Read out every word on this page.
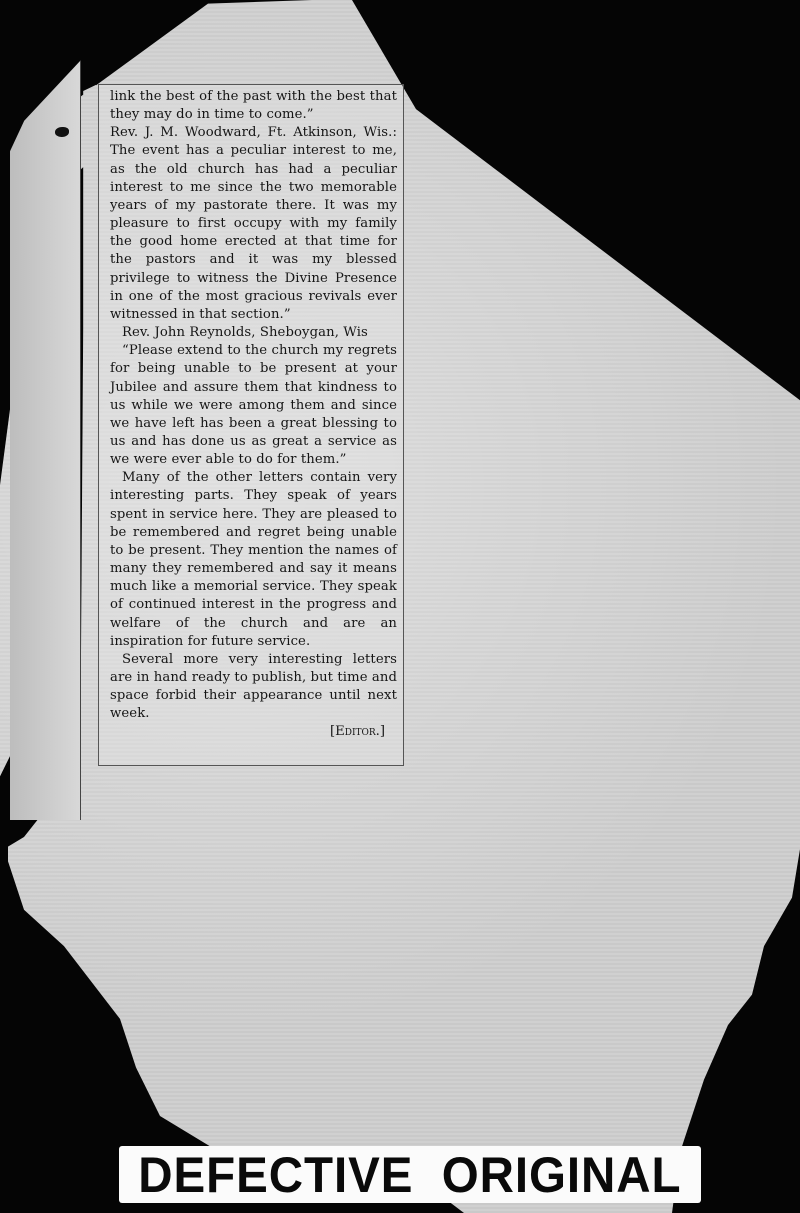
link the best of the past with the best that they may do in time to come.”

Rev. J. M. Woodward, Ft. Atkinson, Wis.: The event has a peculiar interest to me, as the old church has had a peculiar interest to me since the two memorable years of my pastorate there. It was my pleasure to first occupy with my family the good home erected at that time for the pastors and it was my blessed privilege to witness the Divine Presence in one of the most gracious revivals ever witnessed in that section.”

Rev. John Reynolds, Sheboygan, Wis

“Please extend to the church my regrets for being unable to be present at your Jubilee and assure them that kindness to us while we were among them and since we have left has been a great blessing to us and has done us as great a service as we were ever able to do for them.”

Many of the other letters contain very interesting parts. They speak of years spent in service here. They are pleased to be remembered and regret being unable to be present. They mention the names of many they remembered and say it means much like a memorial service. They speak of continued interest in the progress and welfare of the church and are an inspiration for future service.

Several more very interesting letters are in hand ready to publish, but time and space forbid their appearance until next week.

[Editor.]
DEFECTIVE  ORIGINAL
